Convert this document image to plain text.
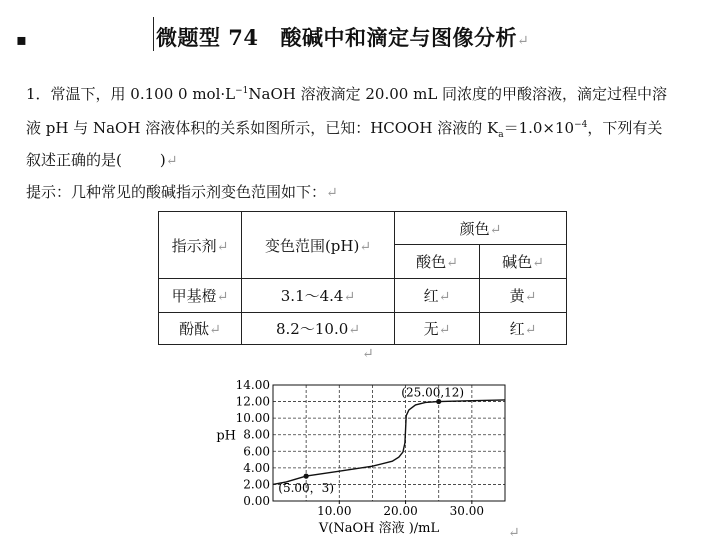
▪	微题型 74 酸碱中和滴定与图像分析↵
1．常温下，用 0.100 0 $mol\cdot L^{-1}NaOH$ 溶液滴定 20.00 mL 同浓度的甲酸溶液，滴定过程中溶
液 pH 与 NaOH 溶液体积的关系如图所示，已知：HCOOH 溶液的 $K_a=1.0\times 10^{-4}$，下列有关
叙述正确的是(	)↵
提示：几种常见的酸碱指示剂变色范围如下：↵
指示剂↵	变色范围(pH)↵	颜色↵	
		酸色↵	碱色↵
甲基橙↵	3.1～4.4↵	红↵	黄↵
酚酞↵	8.2～10.0↵	无↵	红↵
↵
0.00
2.00
4.00
6.00
8.00
10.00
12.00
14.00
10.00	20.00	30.00
(5.00，3)
(25.00,12)
pH
V(NaOH 溶液 )/mL	↵
